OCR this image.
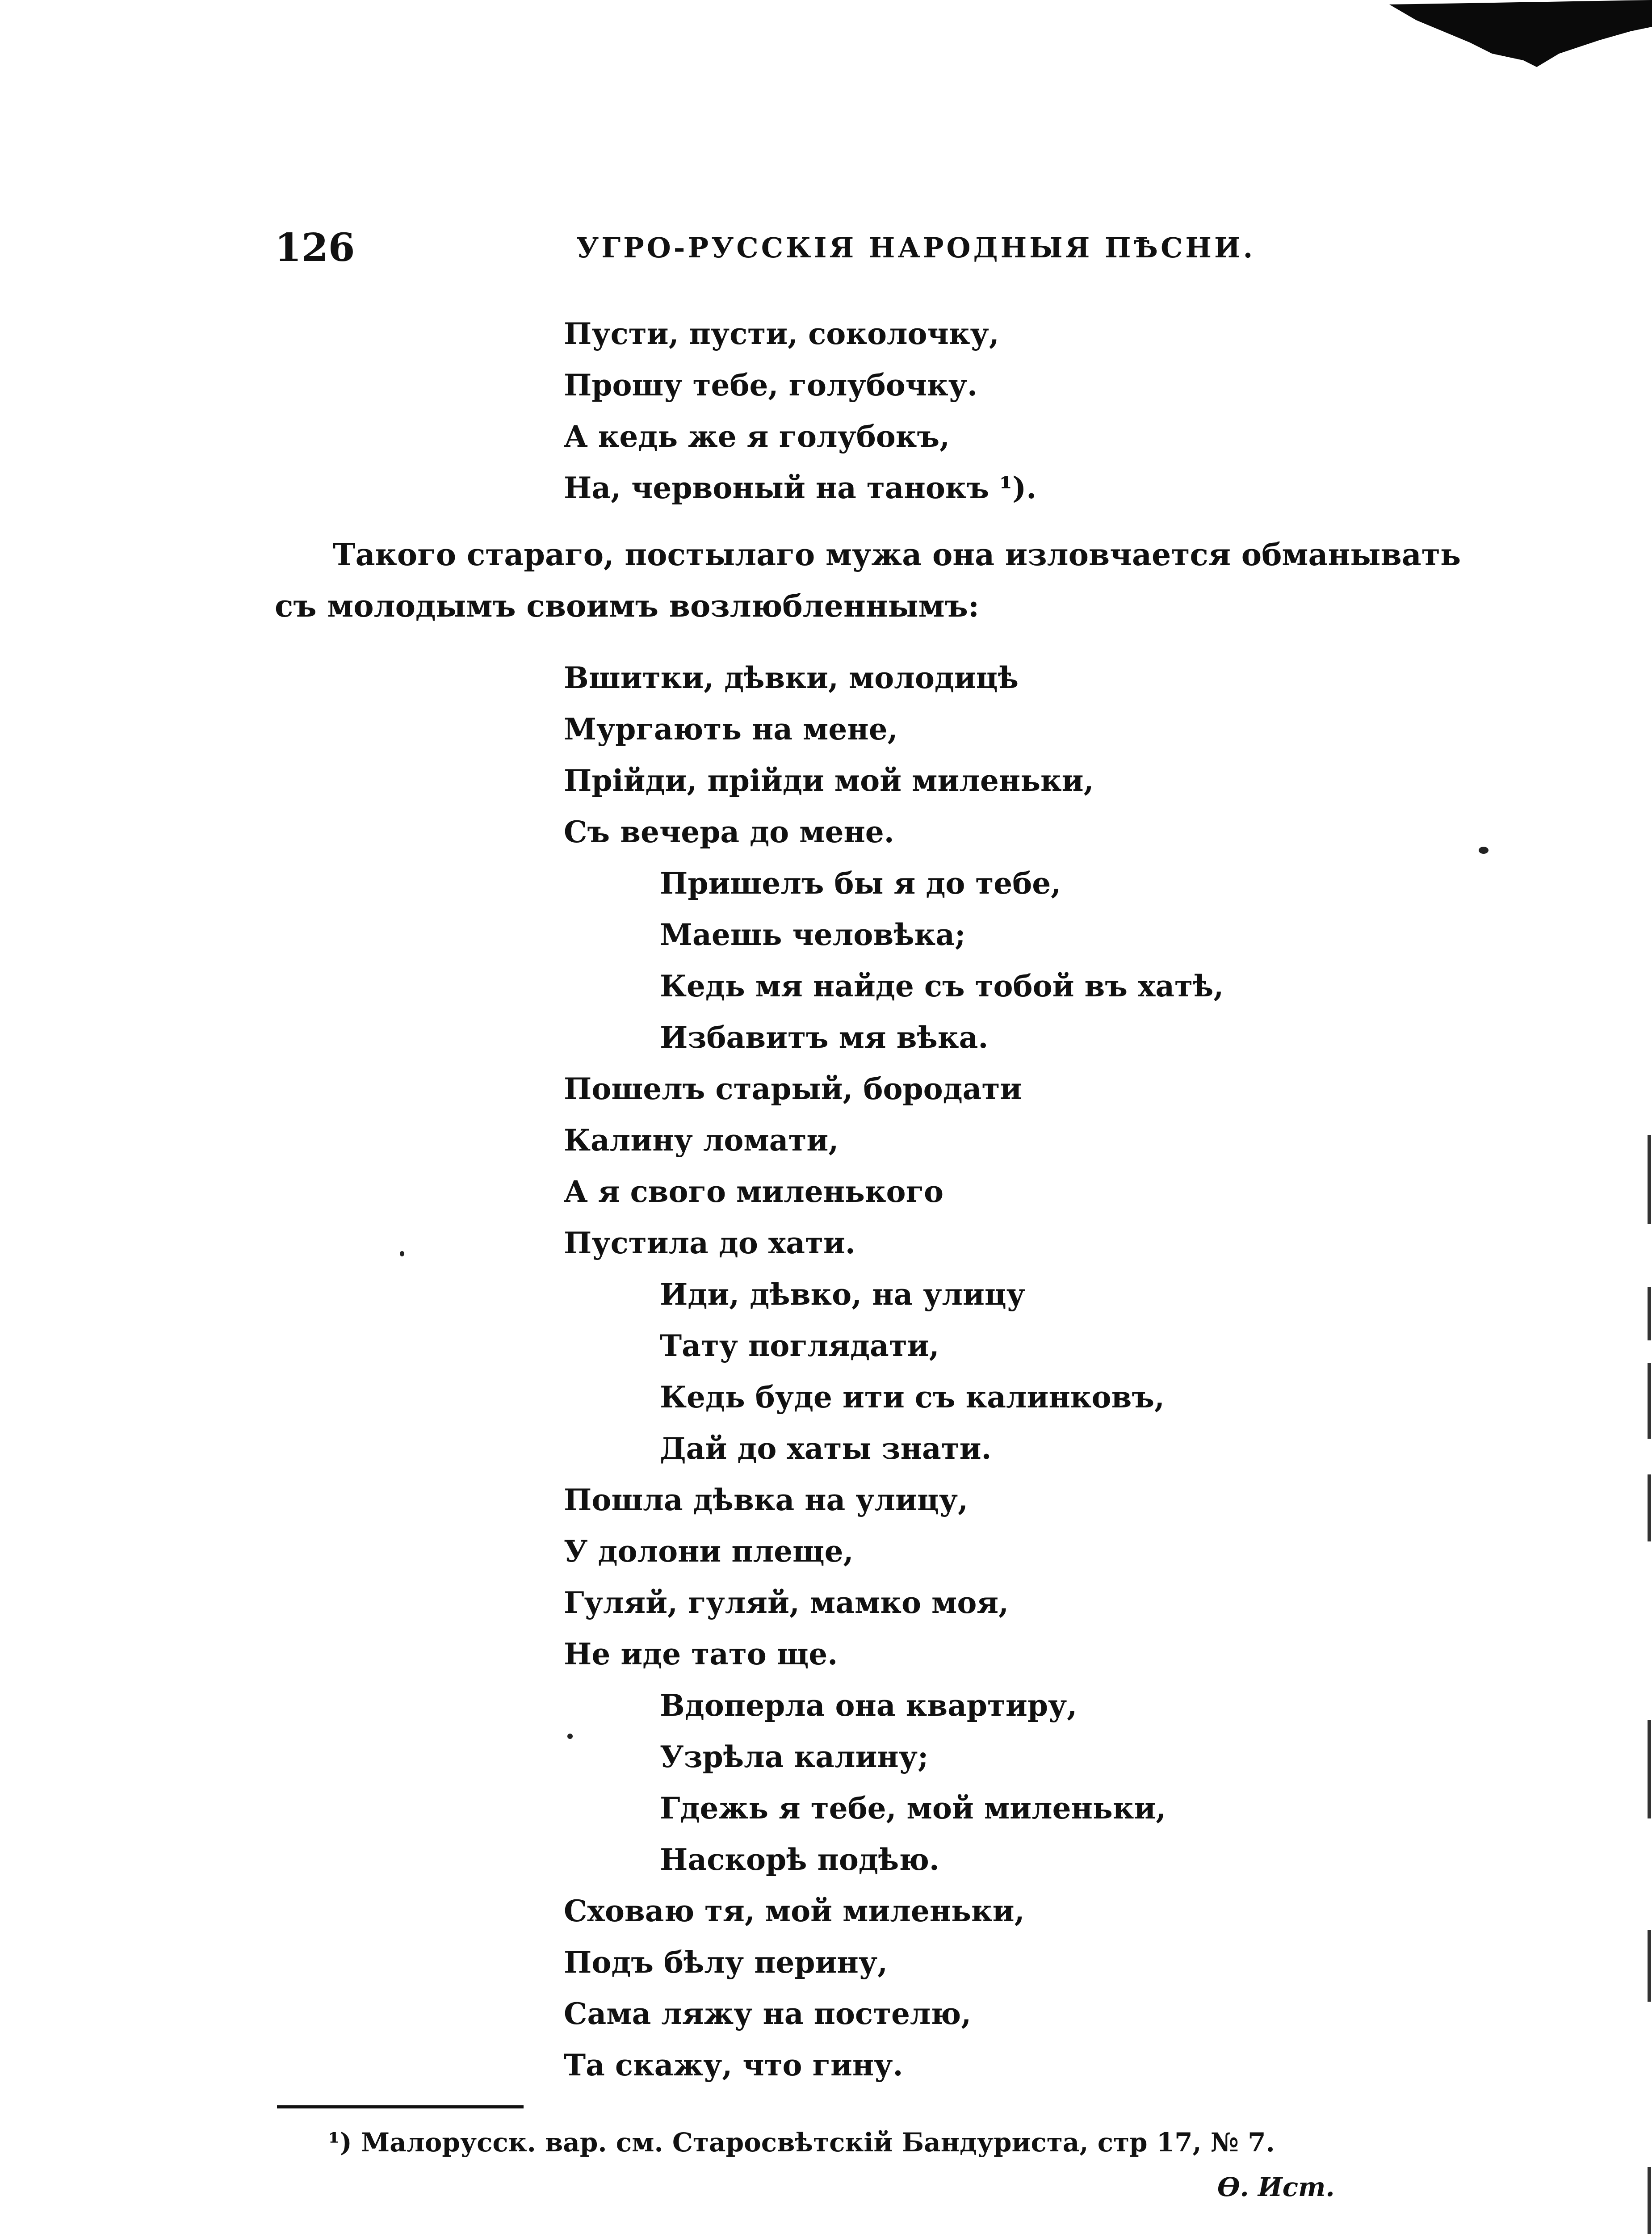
126	УГРО-РУССКІЯ НАРОДНЫЯ ПѢСНИ.
Пусти, пусти, соколочку,
Прошу тебе, голубочку.
А кедь же я голубокъ,
На, червоный на танокъ ¹).
Такого стараго, постылаго мужа она изловчается обманывать
съ молодымъ своимъ возлюбленнымъ:
Вшитки, дѣвки, молодицѣ
Мургають на мене,
Прійди, прійди мой миленьки,
Съ вечера до мене.
Пришелъ бы я до тебе,
Маешь человѣка;
Кедь мя найде съ тобой въ хатѣ,
Избавитъ мя вѣка.
Пошелъ старый, бородати
Калину ломати,
А я свого миленького
Пустила до хати.
Иди, дѣвко, на улицу
Тату поглядати,
Кедь буде ити съ калинковъ,
Дай до хаты знати.
Пошла дѣвка на улицу,
У долони плеще,
Гуляй, гуляй, мамко моя,
Не иде тато ще.
Вдоперла она квартиру,
Узрѣла калину;
Гдежь я тебе, мой миленьки,
Наскорѣ подѣю.
Сховаю тя, мой миленьки,
Подъ бѣлу перину,
Сама ляжу на постелю,
Та скажу, что гину.
¹) Малорусск. вар. см. Старосвѣтскій Бандуриста, стр 17, № 7.
Ѳ. Ист.
